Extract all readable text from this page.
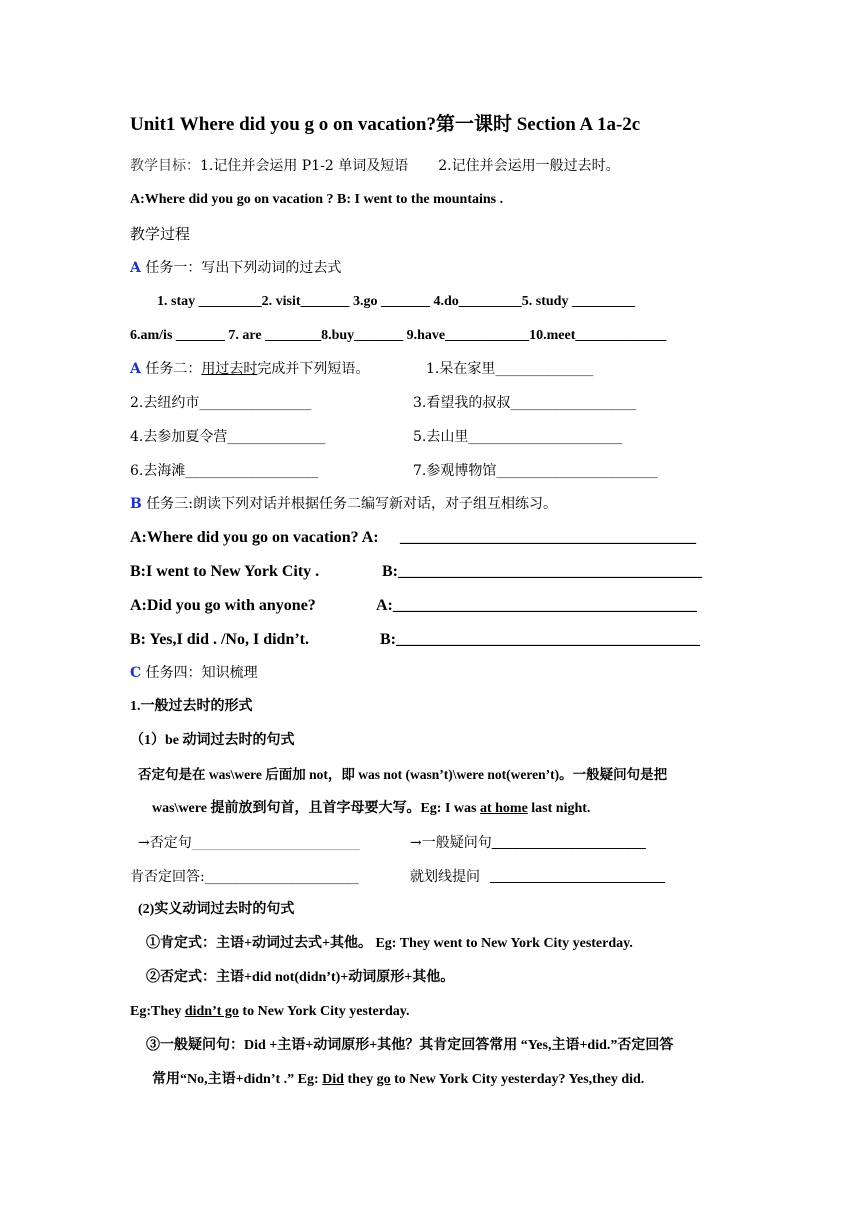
Unit1 Where did you g o on vacation?第一课时 Section A 1a-2c
教学目标：1.记住并会运用 P1-2 单词及短语 2.记住并会运用一般过去时。
A:Where did you go on vacation ? B: I went to the mountains .
教学过程
A 任务一：写出下列动词的过去式
1. stay _________2. visit_______ 3.go _______ 4.do_________5. study _________
6.am/is _______ 7. are ________8.buy_______ 9.have____________10.meet_____________
A 任务二：用过去时完成并下列短语。	1.呆在家里______________
2.去纽约市________________	3.看望我的叔叔__________________
4.去参加夏令营______________	5.去山里______________________
6.去海滩___________________	7.参观博物馆_______________________
B 任务三:朗读下列对话并根据任务二编写新对话，对子组互相练习。
A:Where did you go on vacation? A: _____________________________________
B:I went to New York City .	B:______________________________________
A:Did you go with anyone?	A:______________________________________
B: Yes,I did . /No, I didn’t.	B:______________________________________
C 任务四：知识梳理
1.一般过去时的形式
（1）be 动词过去时的句式
否定句是在 was\were 后面加 not，即 was not (wasn’t)\were not(weren’t)。一般疑问句是把
was\were 提前放到句首，且首字母要大写。Eg: I was at home last night.
→否定句________________________	→一般疑问句______________________
肯否定回答:______________________	就划线提问 _________________________
(2)实义动词过去时的句式
①肯定式：主语+动词过去式+其他。 Eg: They went to New York City yesterday.
②否定式：主语+did not(didn’t)+动词原形+其他。
Eg:They didn’t go to New York City yesterday.
③一般疑问句：Did +主语+动词原形+其他？其肯定回答常用 “Yes,主语+did.”否定回答
常用“No,主语+didn’t .” Eg: Did they go to New York City yesterday? Yes,they did.
